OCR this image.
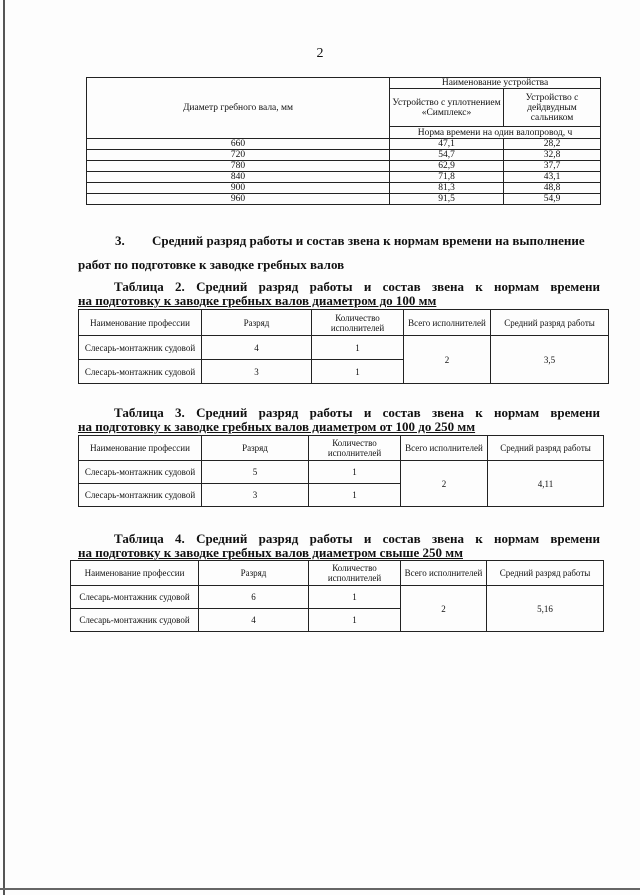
2
Диаметр гребного вала, мм	Наименование устройства	
	Устройство с уплотнением «Симплекс»	Устройство с дейдвудным сальником
	Норма времени на один валопровод, ч	
660	47,1	28,2
720	54,7	32,8
780	62,9	37,7
840	71,8	43,1
900	81,3	48,8
960	91,5	54,9
3. Средний разряд работы и состав звена к нормам времени на выполнение
работ по подготовке к заводке гребных валов
Таблица 2. Средний разряд работы и состав звена к нормам времени
на подготовку к заводке гребных валов диаметром до 100 мм
Наименование профессии	Разряд	Количество исполнителей	Всего исполнителей	Средний разряд работы
Слесарь-монтажник судовой	4	1	2	3,5
Слесарь-монтажник судовой	3	1		
Таблица 3. Средний разряд работы и состав звена к нормам времени
на подготовку к заводке гребных валов диаметром от 100 до 250 мм
Наименование профессии	Разряд	Количество исполнителей	Всего исполнителей	Средний разряд работы
Слесарь-монтажник судовой	5	1	2	4,11
Слесарь-монтажник судовой	3	1		
Таблица 4. Средний разряд работы и состав звена к нормам времени
на подготовку к заводке гребных валов диаметром свыше 250 мм
Наименование профессии	Разряд	Количество исполнителей	Всего исполнителей	Средний разряд работы
Слесарь-монтажник судовой	6	1	2	5,16
Слесарь-монтажник судовой	4	1		
